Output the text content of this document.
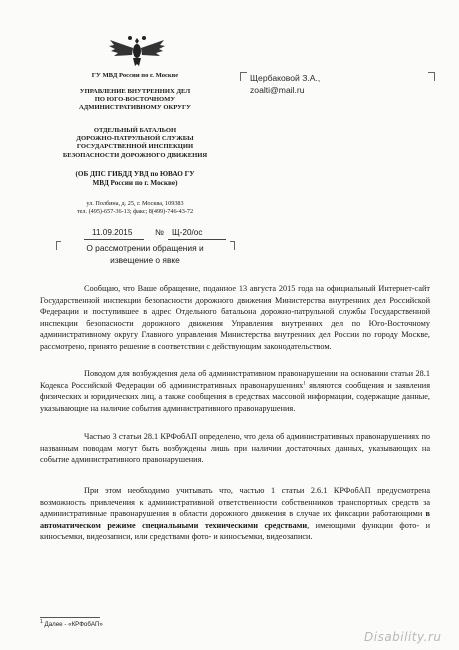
ГУ МВД России по г. Москве
УПРАВЛЕНИЕ ВНУТРЕННИХ ДЕЛ
ПО ЮГО-ВОСТОЧНОМУ
АДМИНИСТРАТИВНОМУ ОКРУГУ
ОТДЕЛЬНЫЙ БАТАЛЬОН
ДОРОЖНО-ПАТРУЛЬНОЙ СЛУЖБЫ
ГОСУДАРСТВЕННОЙ ИНСПЕКЦИИ
БЕЗОПАСНОСТИ ДОРОЖНОГО ДВИЖЕНИЯ
(ОБ ДПС ГИБДД УВД по ЮВАО ГУ
МВД России по г. Москве)
ул. Полбина, д. 25, г. Москва, 109383
тел. (495)-657-36-13; факс; 8(499)-746-43-72
Щербаковой З.А.,
zoalti@mail.ru
11.09.2015	№ Щ-20/ос
О рассмотрении обращения и
извещение о явке

Сообщаю, что Ваше обращение, поданное 13 августа 2015 года на официальный Интернет-сайт Государственной инспекции безопасности дорожного движения Министерства внутренних дел Российской Федерации и поступившее в адрес Отдельного батальона дорожно-патрульной службы Государственной инспекции безопасности дорожного движения Управления внутренних дел по Юго-Восточному административному округу Главного управления Министерства внутренних дел России по городу Москве, рассмотрено, принято решение в соответствии с действующим законодательством.

Поводом для возбуждения дела об административном правонарушении на основании статьи 28.1 Кодекса Российской Федерации об административных правонарушениях$^1$ являются сообщения и заявления физических и юридических лиц, а также сообщения в средствах массовой информации, содержащие данные, указывающие на наличие события административного правонарушения.

Частью 3 статьи 28.1 КРФобАП определено, что дела об административных правонарушениях по названным поводам могут быть возбуждены лишь при наличии достаточных данных, указывающих на событие административного правонарушения.

При этом необходимо учитывать что, частью 1 статьи 2.6.1 КРФобАП предусмотрена возможность привлечения к административной ответственности собственников транспортных средств за административные правонарушения в области дорожного движения в случае их фиксации работающими в автоматическом режиме специальными техническими средствами, имеющими функции фото- и киносъемки, видеозаписи, или средствами фото- и киносъемки, видеозаписи.

$^1$ Далее - «КРФобАП»
Disability.ru
